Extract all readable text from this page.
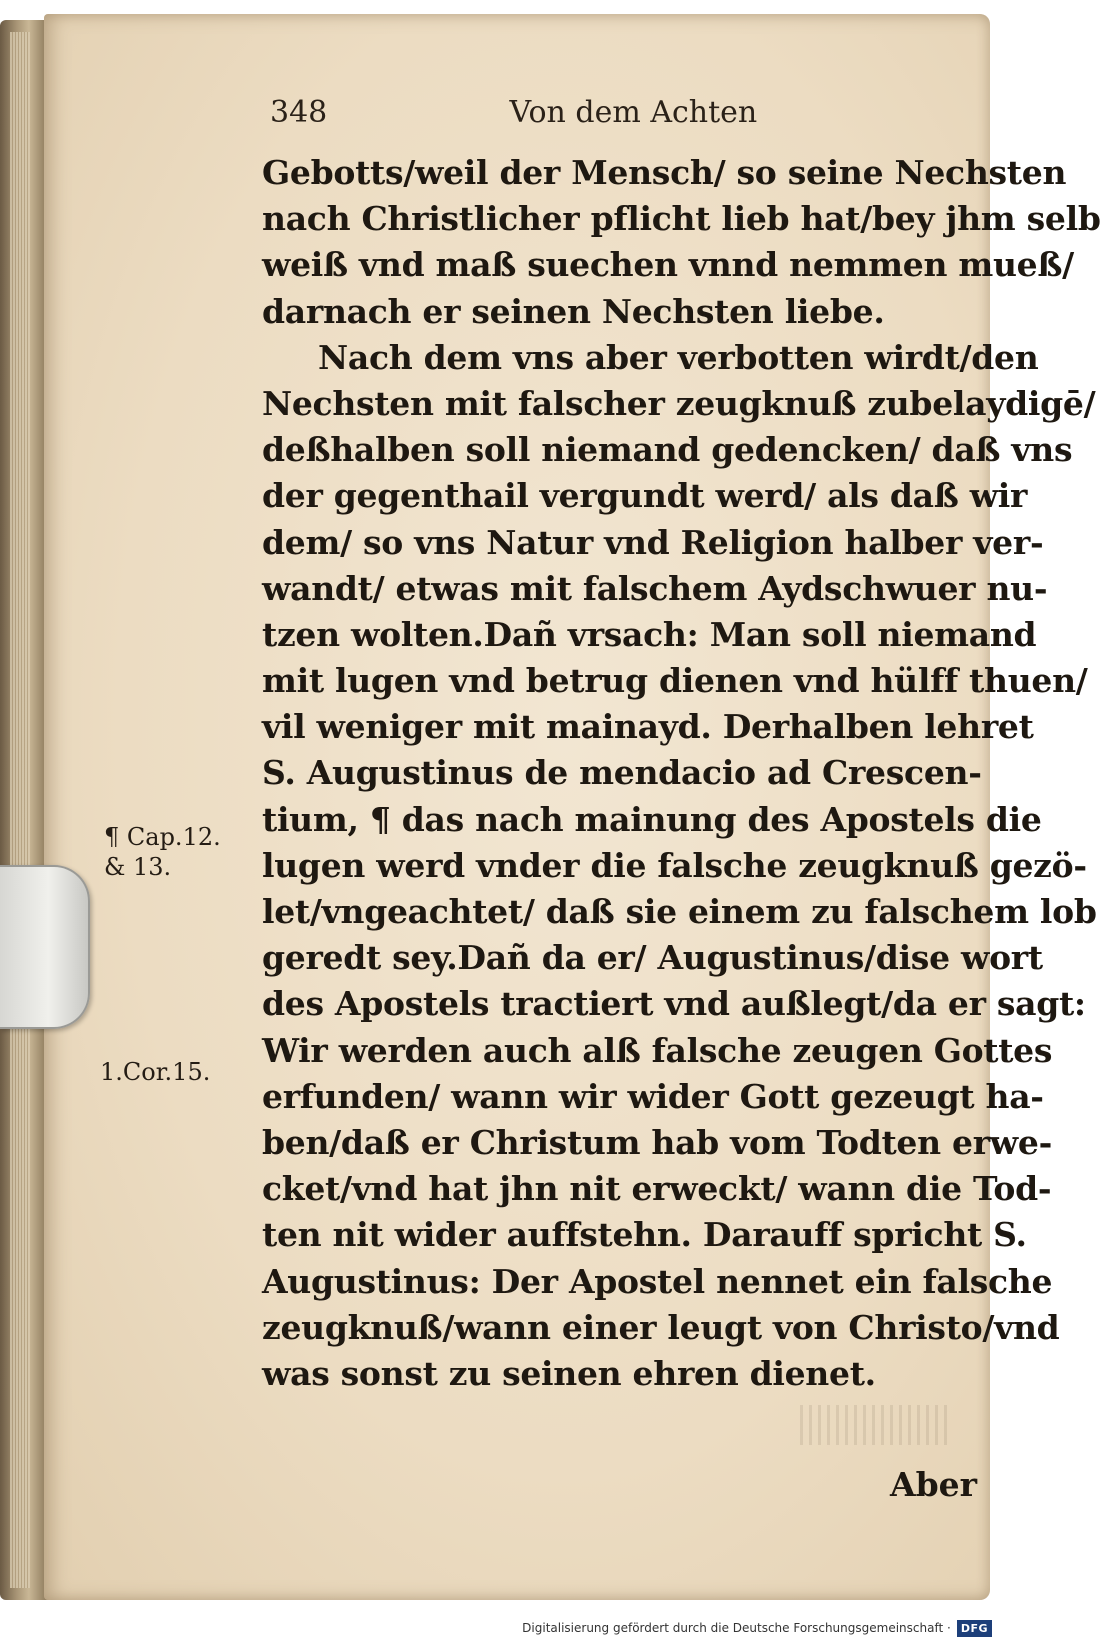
348	Von dem Achten
Gebotts/weil der Mensch/ so seine Nechsten
nach Christlicher pflicht lieb hat/bey jhm selb
weiß vnd maß suechen vnnd nemmen mueß/
darnach er seinen Nechsten liebe.
Nach dem vns aber verbotten wirdt/den
Nechsten mit falscher zeugknuß zubelaydigē/
deßhalben soll niemand gedencken/ daß vns
der gegenthail vergundt werd/ als daß wir
dem/ so vns Natur vnd Religion halber ver-
wandt/ etwas mit falschem Aydschwuer nu-
tzen wolten.Dañ vrsach: Man soll niemand
mit lugen vnd betrug dienen vnd hülff thuen/
vil weniger mit mainayd. Derhalben lehret
S. Augustinus de mendacio ad Crescen-
tium, ¶ das nach mainung des Apostels die
lugen werd vnder die falsche zeugknuß gezö-
let/vngeachtet/ daß sie einem zu falschem lob
geredt sey.Dañ da er/ Augustinus/dise wort
des Apostels tractiert vnd außlegt/da er sagt:
Wir werden auch alß falsche zeugen Gottes
erfunden/ wann wir wider Gott gezeugt ha-
ben/daß er Christum hab vom Todten erwe-
cket/vnd hat jhn nit erweckt/ wann die Tod-
ten nit wider auffstehn. Darauff spricht S.
Augustinus: Der Apostel nennet ein falsche
zeugknuß/wann einer leugt von Christo/vnd
was sonst zu seinen ehren dienet.
¶ Cap.12.
& 13.
1.Cor.15.
Aber
Digitalisierung gefördert durch die Deutsche Forschungsgemeinschaft · DFG
